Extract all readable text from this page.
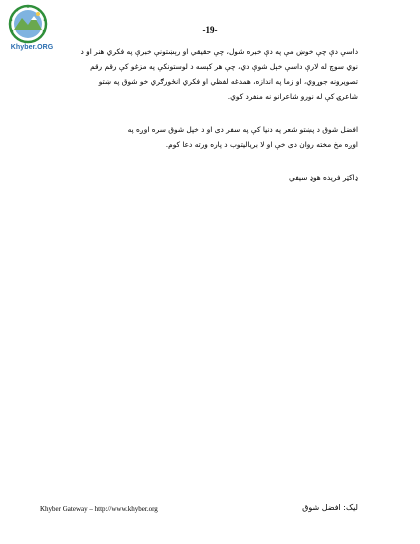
Khyber.ORG
-19-
داسې دې چې خوښ مې په دې خبره شول، چې حقيقي او رېښتونې خبرې په فکري هنر او د
نوي سوچ له لارې داسې خېل شوې دي، چې هر کېسه د لوستونکې په مزغو کې رقم رقم
تصويرونه جوړوي، او زما په اندازه، همدغه لفظي او فکري انځورګري خو شوق په ښتو
شاعرۍ کې له نورو شاعرانو نه منفرد کوي.
افضل شوق د پښتو شعر په دنيا کې په سفر دی او د خپل شوق سره اوږه په
اوږه مخ مخته روان دی خې او لا برياليتوب د پاره ورته دعا کوم.
ډاکټر فريده هوډ سيفي
Khyber Gateway – http://www.khyber.org	ليک: افضل شوق
